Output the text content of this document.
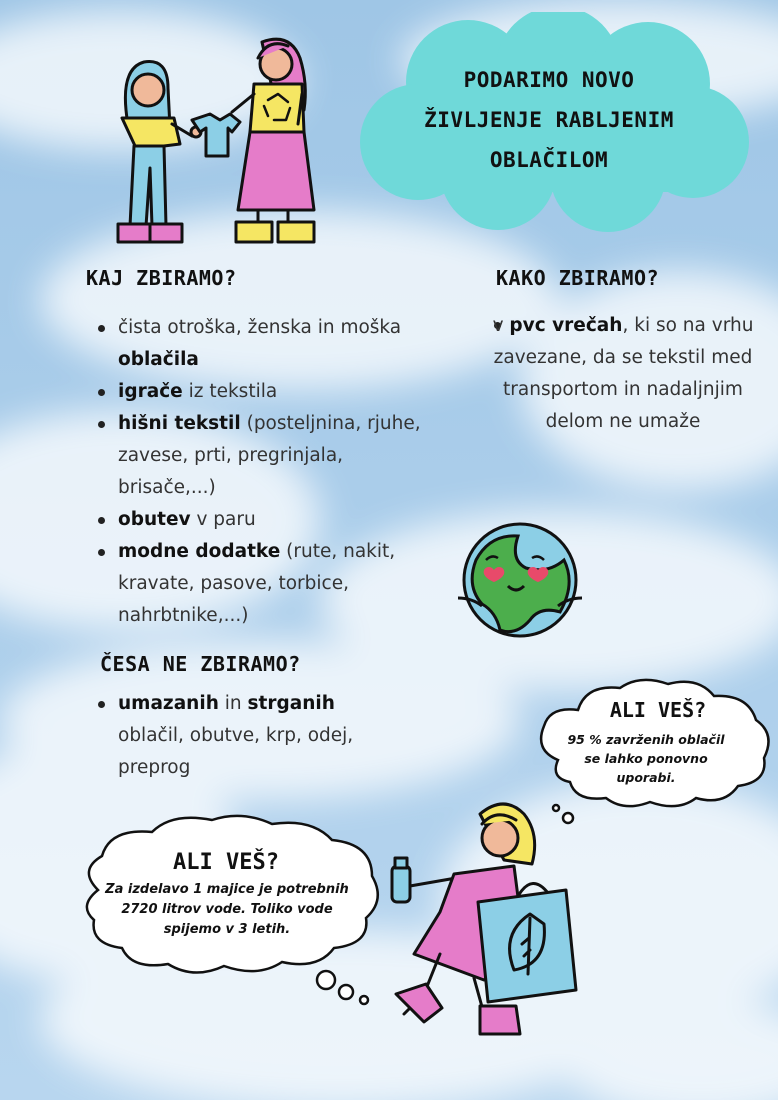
PODARIMO NOVO
ŽIVLJENJE RABLJENIM
OBLAČILOM
KAJ ZBIRAMO?
čista otroška, ženska in moška oblačila
igrače iz tekstila
hišni tekstil (posteljnina, rjuhe, zavese, prti, pregrinjala, brisače,...)
obutev v paru
modne dodatke (rute, nakit, kravate, pasove, torbice, nahrbtnike,...)
KAKO ZBIRAMO?
v pvc vrečah, ki so na vrhu zavezane, da se tekstil med transportom in nadaljnjim delom ne umaže
ČESA NE ZBIRAMO?
umazanih in strganih oblačil, obutve, krp, odej, preprog
ALI VEŠ?
95 % zavrženih oblačil se lahko ponovno uporabi.
ALI VEŠ?
Za izdelavo 1 majice je potrebnih 2720 litrov vode. Toliko vode spijemo v 3 letih.
